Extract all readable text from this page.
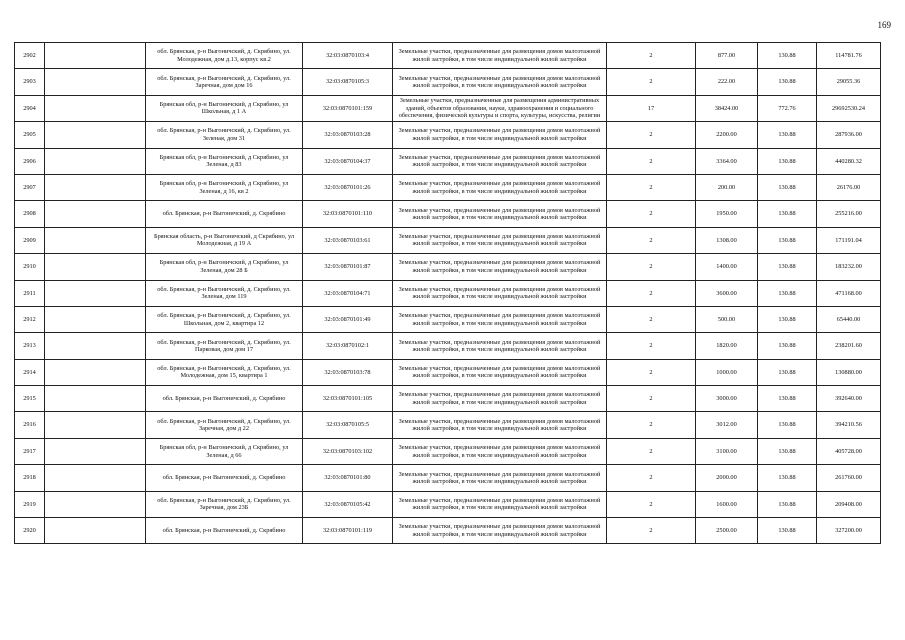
169
2902		обл. Брянская, р-н Выгоничский, д. Скрябино, ул. Молодежная, дом д.13, корпус кв.2	32:03:0870103:4	Земельные участки, предназначенные для размещения домов малоэтажной жилой застройки, в том числе индивидуальной жилой застройки	2	877.00	130.88	114781.76
2903		обл. Брянская, р-н Выгоничский, д. Скрябино, ул. Заречная, дом дом 16	32:03:0870105:3	Земельные участки, предназначенные для размещения домов малоэтажной жилой застройки, в том числе индивидуальной жилой застройки	2	222.00	130.88	29055.36
2904		Брянская обл, р-н Выгоничский, д Скрябино, ул Школьная, д 1 А	32:03:0870101:159	Земельные участки, предназначенные для размещения административных зданий, объектов образования, науки, здравоохранения и социального обеспечения, физической культуры и спорта, культуры, искусства, религии	17	38424.00	772.76	29692530.24
2905		обл. Брянская, р-н Выгоничский, д. Скрябино, ул. Зеленая, дом 31	32:03:0870103:28	Земельные участки, предназначенные для размещения домов малоэтажной жилой застройки, в том числе индивидуальной жилой застройки	2	2200.00	130.88	287936.00
2906		Брянская обл, р-н Выгоничский, д Скрябино, ул Зеленая, д 83	32:03:0870104:37	Земельные участки, предназначенные для размещения домов малоэтажной жилой застройки, в том числе индивидуальной жилой застройки	2	3364.00	130.88	440280.32
2907		Брянская обл, р-н Выгоничский, д Скрябино, ул Зеленая, д 16, кв 2	32:03:0870101:26	Земельные участки, предназначенные для размещения домов малоэтажной жилой застройки, в том числе индивидуальной жилой застройки	2	200.00	130.88	26176.00
2908		обл. Брянская, р-н Выгоничский, д. Скрябино	32:03:0870101:110	Земельные участки, предназначенные для размещения домов малоэтажной жилой застройки, в том числе индивидуальной жилой застройки	2	1950.00	130.88	255216.00
2909		Брянская область, р-н Выгоничский, д Скрябино, ул Молодежная, д 19 А	32:03:0870103:61	Земельные участки, предназначенные для размещения домов малоэтажной жилой застройки, в том числе индивидуальной жилой застройки	2	1308.00	130.88	171191.04
2910		Брянская обл, р-н Выгоничский, д Скрябино, ул Зеленая, дом 28 Б	32:03:0870101:87	Земельные участки, предназначенные для размещения домов малоэтажной жилой застройки, в том числе индивидуальной жилой застройки	2	1400.00	130.88	183232.00
2911		обл. Брянская, р-н Выгоничский, д. Скрябино, ул. Зеленая, дом 119	32:03:0870104:71	Земельные участки, предназначенные для размещения домов малоэтажной жилой застройки, в том числе индивидуальной жилой застройки	2	3600.00	130.88	471168.00
2912		обл. Брянская, р-н Выгоничский, д. Скрябино, ул. Школьная, дом 2, квартира 12	32:03:0870101:49	Земельные участки, предназначенные для размещения домов малоэтажной жилой застройки, в том числе индивидуальной жилой застройки	2	500.00	130.88	65440.00
2913		обл. Брянская, р-н Выгоничский, д. Скрябино, ул. Парковая, дом дом 17	32:03:0870102:1	Земельные участки, предназначенные для размещения домов малоэтажной жилой застройки, в том числе индивидуальной жилой застройки	2	1820.00	130.88	238201.60
2914		обл. Брянская, р-н Выгоничский, д. Скрябино, ул. Молодежная, дом 15, квартира 1	32:03:0870103:78	Земельные участки, предназначенные для размещения домов малоэтажной жилой застройки, в том числе индивидуальной жилой застройки	2	1000.00	130.88	130880.00
2915		обл. Брянская, р-н Выгоничский, д. Скрябино	32:03:0870101:105	Земельные участки, предназначенные для размещения домов малоэтажной жилой застройки, в том числе индивидуальной жилой застройки	2	3000.00	130.88	392640.00
2916		обл. Брянская, р-н Выгоничский, д. Скрябино, ул. Заречная, дом д 22	32:03:0870105:5	Земельные участки, предназначенные для размещения домов малоэтажной жилой застройки, в том числе индивидуальной жилой застройки	2	3012.00	130.88	394210.56
2917		Брянская обл, р-н Выгоничский, д Скрябино, ул Зеленая, д 66	32:03:0870103:102	Земельные участки, предназначенные для размещения домов малоэтажной жилой застройки, в том числе индивидуальной жилой застройки	2	3100.00	130.88	405728.00
2918		обл. Брянская, р-н Выгоничский, д. Скрябино	32:03:0870101:80	Земельные участки, предназначенные для размещения домов малоэтажной жилой застройки, в том числе индивидуальной жилой застройки	2	2000.00	130.88	261760.00
2919		обл. Брянская, р-н Выгоничский, д. Скрябино, ул. Заречная, дом 23Б	32:03:0870105:42	Земельные участки, предназначенные для размещения домов малоэтажной жилой застройки, в том числе индивидуальной жилой застройки	2	1600.00	130.88	209408.00
2920		обл. Брянская, р-н Выгоничский, д. Скрябино	32:03:0870101:119	Земельные участки, предназначенные для размещения домов малоэтажной жилой застройки, в том числе индивидуальной жилой застройки	2	2500.00	130.88	327200.00
